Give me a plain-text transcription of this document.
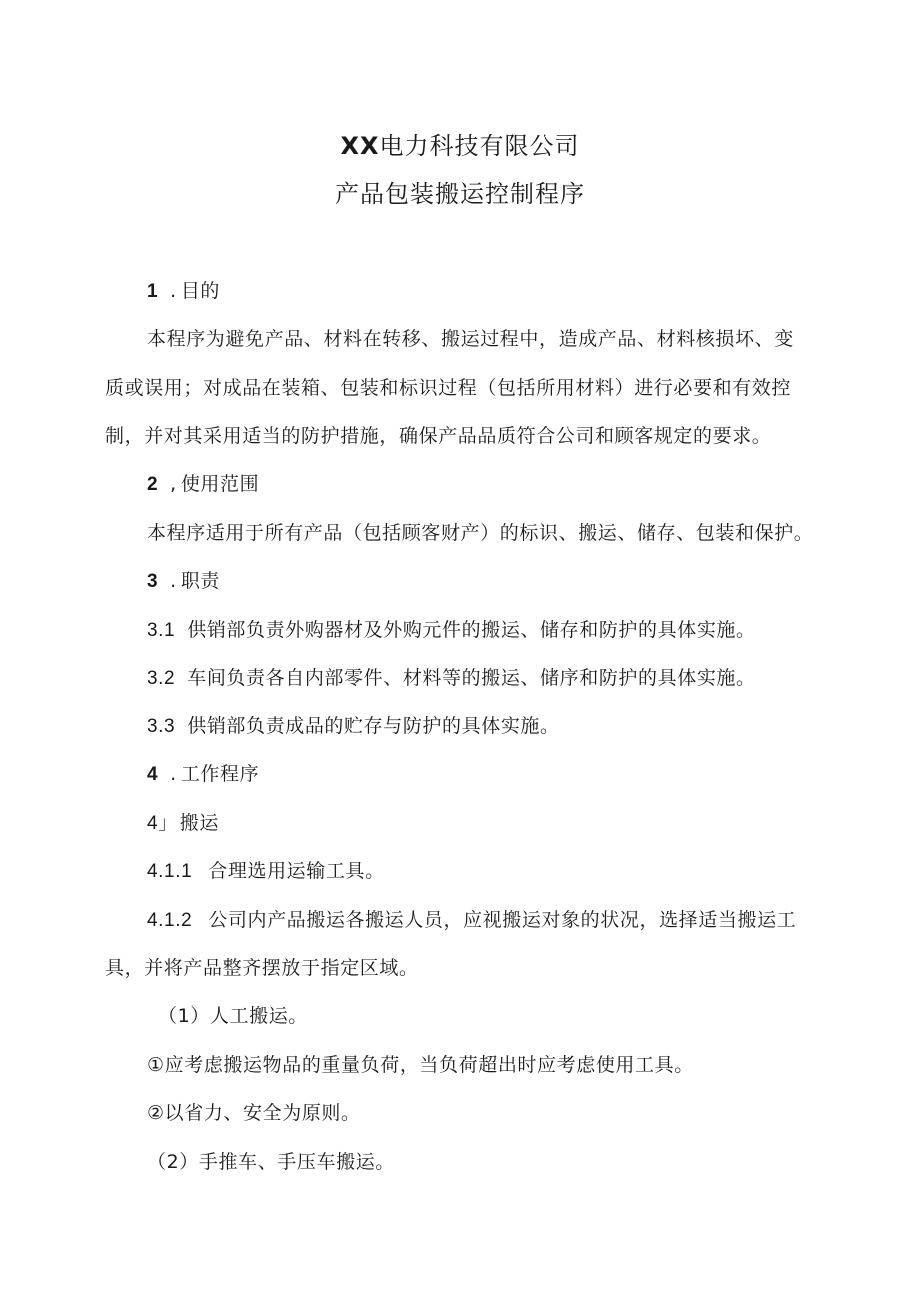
XX电力科技有限公司
产品包装搬运控制程序
1 . 目的
本程序为避免产品、材料在转移、搬运过程中，造成产品、材料核损坏、变
质或误用；对成品在装箱、包装和标识过程（包括所用材料）进行必要和有效控
制，并对其采用适当的防护措施，确保产品品质符合公司和顾客规定的要求。
2 , 使用范围
本程序适用于所有产品（包括顾客财产）的标识、搬运、储存、包装和保护。
3 . 职责
3.1 供销部负责外购器材及外购元件的搬运、储存和防护的具体实施。
3.2 车间负责各自内部零件、材料等的搬运、储序和防护的具体实施。
3.3 供销部负责成品的贮存与防护的具体实施。
4 . 工作程序
4」 搬运
4.1.1 合理选用运输工具。
4.1.2 公司内产品搬运各搬运人员，应视搬运对象的状况，选择适当搬运工
具，并将产品整齐摆放于指定区域。
（1）人工搬运。
①应考虑搬运物品的重量负荷，当负荷超出时应考虑使用工具。
②以省力、安全为原则。
（2）手推车、手压车搬运。
